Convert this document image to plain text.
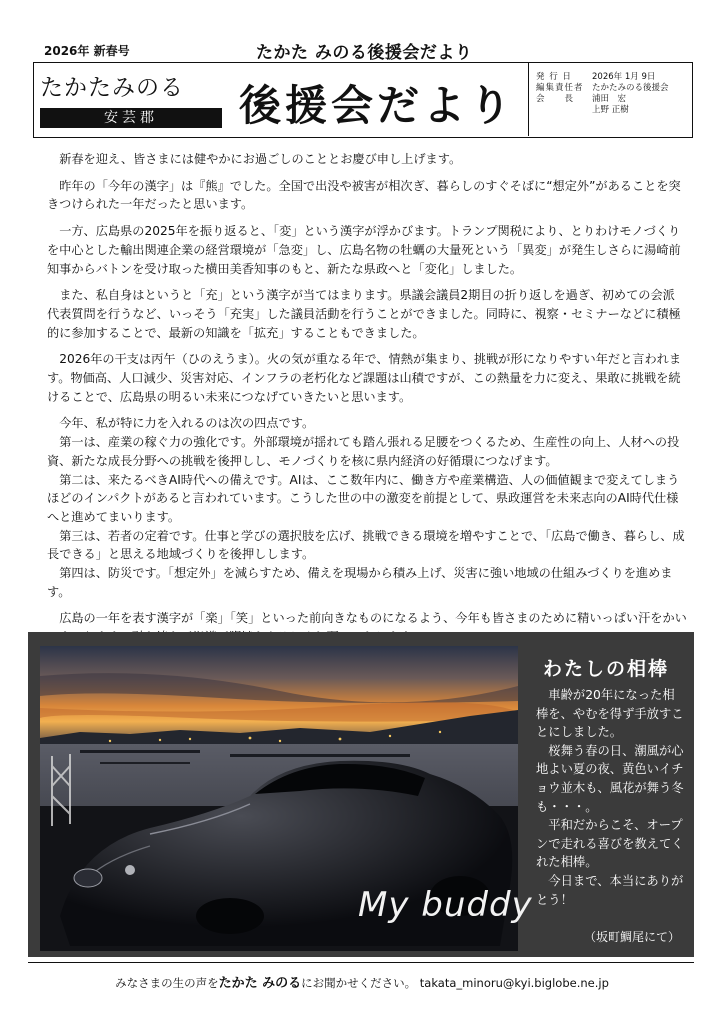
2026年 新春号	たかた みのる後援会だより
たかたみのる
安芸郡	後援会だより
発 行 日	2026年 1月 9日
編集責任者 たかたみのる後援会
会　　長	浦田　宏
上野 正樹

新春を迎え、皆さまには健やかにお過ごしのこととお慶び申し上げます。

昨年の「今年の漢字」は『熊』でした。全国で出没や被害が相次ぎ、暮らしのすぐそばに“想定外”があることを突きつけられた一年だったと思います。

一方、広島県の2025年を振り返ると、「変」という漢字が浮かびます。トランプ関税により、とりわけモノづくりを中心とした輸出関連企業の経営環境が「急変」し、広島名物の牡蠣の大量死という「異変」が発生しさらに湯崎前知事からバトンを受け取った横田美香知事のもと、新たな県政へと「変化」しました。

また、私自身はというと「充」という漢字が当てはまります。県議会議員2期目の折り返しを過ぎ、初めての会派代表質問を行うなど、いっそう「充実」した議員活動を行うことができました。同時に、視察・セミナーなどに積極的に参加することで、最新の知識を「拡充」することもできました。

2026年の干支は丙午（ひのえうま）。火の気が重なる年で、情熱が集まり、挑戦が形になりやすい年だと言われます。物価高、人口減少、災害対応、インフラの老朽化など課題は山積ですが、この熱量を力に変え、果敢に挑戦を続けることで、広島県の明るい未来につなげていきたいと思います。

今年、私が特に力を入れるのは次の四点です。

第一は、産業の稼ぐ力の強化です。外部環境が揺れても踏ん張れる足腰をつくるため、生産性の向上、人材への投資、新たな成長分野への挑戦を後押しし、モノづくりを核に県内経済の好循環につなげます。

第二は、来たるべきAI時代への備えです。AIは、ここ数年内に、働き方や産業構造、人の価値観まで変えてしまうほどのインパクトがあると言われています。こうした世の中の激変を前提として、県政運営を未来志向のAI時代仕様へと進めてまいります。

第三は、若者の定着です。仕事と学びの選択肢を広げ、挑戦できる環境を増やすことで、「広島で働き、暮らし、成長できる」と思える地域づくりを後押しします。

第四は、防災です。「想定外」を減らすため、備えを現場から積み上げ、災害に強い地域の仕組みづくりを進めます。

広島の一年を表す漢字が「楽」「笑」といった前向きなものになるよう、今年も皆さまのために精いっぱい汗をかい

My buddy
わたしの相棒

車齢が20年になった相棒を、やむを得ず手放すことにしました。

桜舞う春の日、潮風が心地よい夏の夜、黄色いイチョウ並木も、風花が舞う冬も・・・。

平和だからこそ、オープンで走れる喜びを教えてくれた相棒。

今日まで、本当にありがとう！

（坂町鯛尾にて）
みなさまの生の声をたかた みのるにお聞かせください。 takata_minoru@kyi.biglobe.ne.jp
